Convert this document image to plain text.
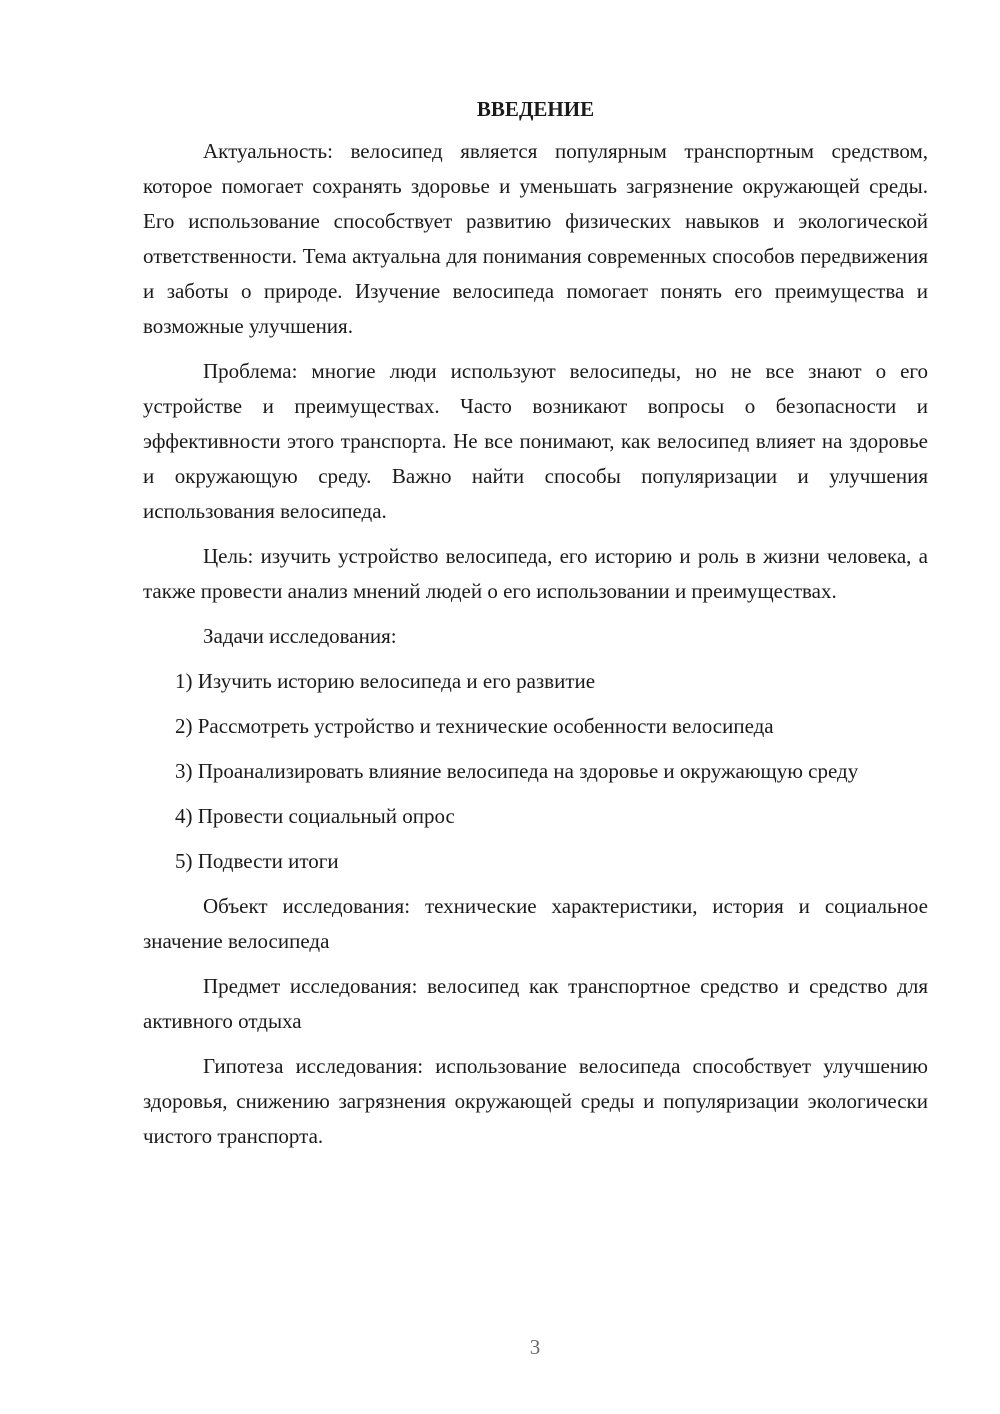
ВВЕДЕНИЕ

Актуальность: велосипед является популярным транспортным средством, которое помогает сохранять здоровье и уменьшать загрязнение окружающей среды. Его использование способствует развитию физических навыков и экологической ответственности. Тема актуальна для понимания современных способов передвижения и заботы о природе. Изучение велосипеда помогает понять его преимущества и возможные улучшения.

Проблема: многие люди используют велосипеды, но не все знают о его устройстве и преимуществах. Часто возникают вопросы о безопасности и эффективности этого транспорта. Не все понимают, как велосипед влияет на здоровье и окружающую среду. Важно найти способы популяризации и улучшения использования велосипеда.

Цель: изучить устройство велосипеда, его историю и роль в жизни человека, а также провести анализ мнений людей о его использовании и преимуществах.

Задачи исследования:

1) Изучить историю велосипеда и его развитие

2) Рассмотреть устройство и технические особенности велосипеда

3) Проанализировать влияние велосипеда на здоровье и окружающую среду

4) Провести социальный опрос

5) Подвести итоги

Объект исследования: технические характеристики, история и социальное значение велосипеда

Предмет исследования: велосипед как транспортное средство и средство для активного отдыха

Гипотеза исследования: использование велосипеда способствует улучшению здоровья, снижению загрязнения окружающей среды и популяризации экологически чистого транспорта.

3
